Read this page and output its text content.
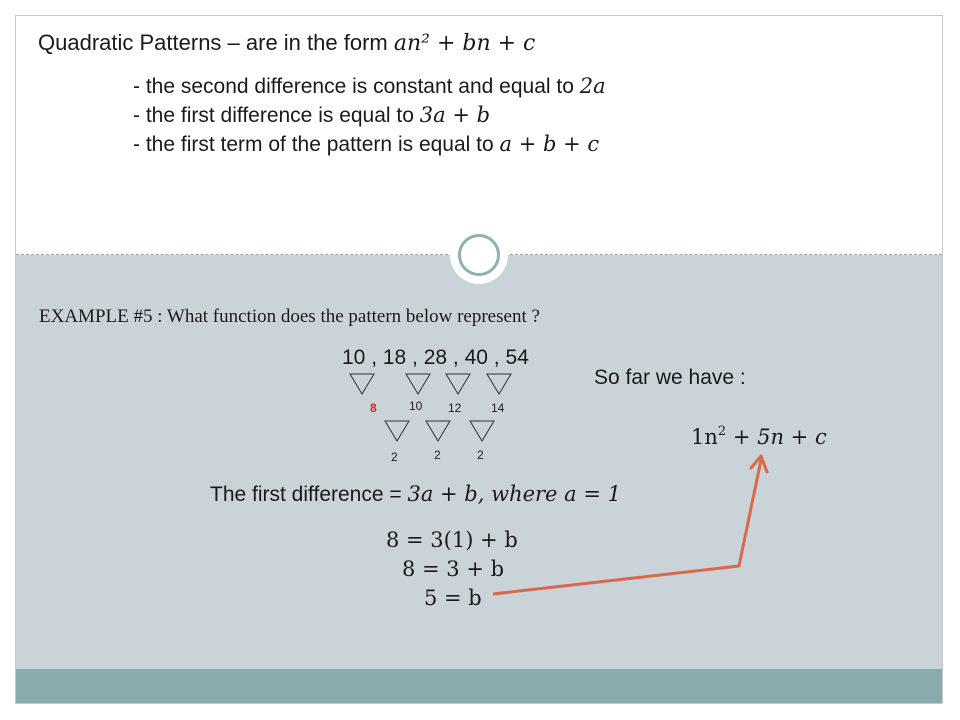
Quadratic Patterns – are in the form an² + bn + c
- the second difference is constant and equal to 2a
- the first difference is equal to 3a + b
- the first term of the pattern is equal to a + b + c
EXAMPLE #5 : What function does the pattern below represent ?
10 , 18 , 28 , 40 , 54
8	10 12 14
2	2	2
So far we have :
$1n^2 + 5n + c$
The first difference = 3a + b, where a = 1
8 = 3(1) + b
8 = 3 + b
5 = b
